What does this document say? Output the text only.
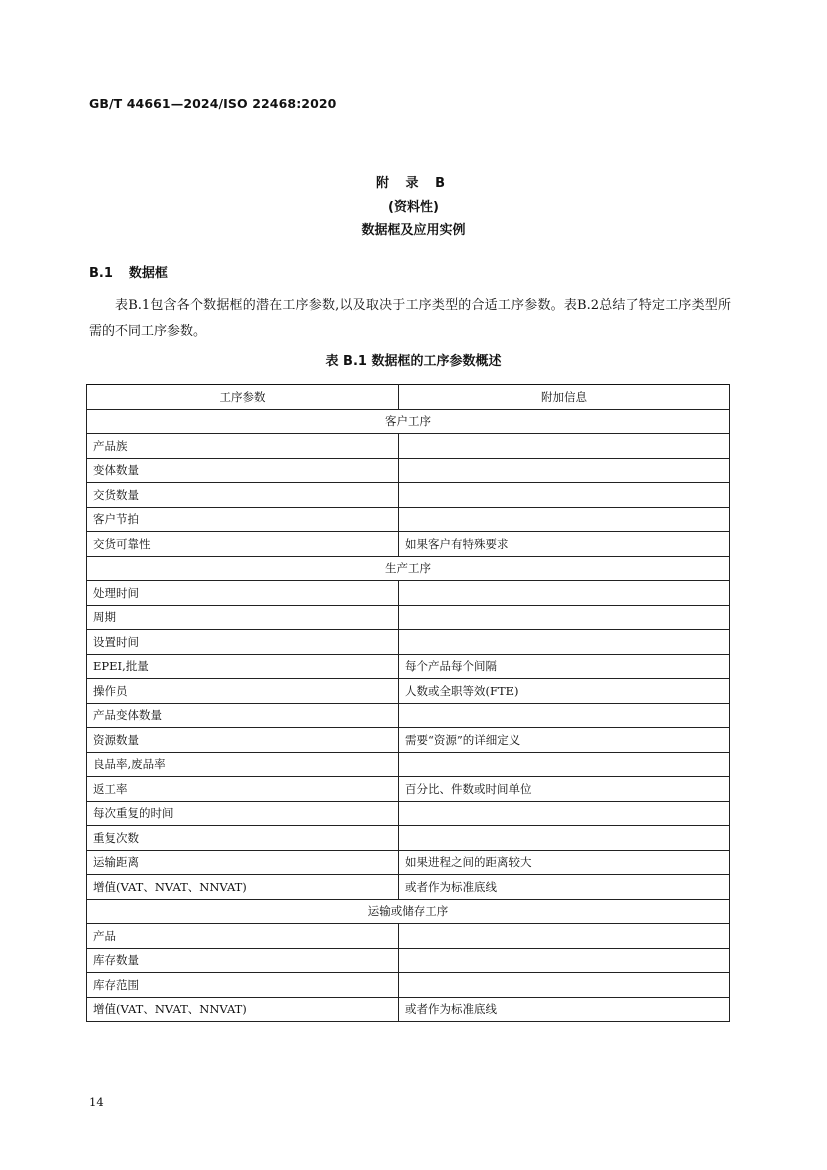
GB/T 44661—2024/ISO 22468:2020
附 录 B
(资料性)
数据框及应用实例
B.1 数据框
表B.1包含各个数据框的潜在工序参数,以及取决于工序类型的合适工序参数。表B.2总结了特定工序类型所需的不同工序参数。
表 B.1 数据框的工序参数概述
工序参数	附加信息
客户工序	
产品族	
变体数量	
交货数量	
客户节拍	
交货可靠性	如果客户有特殊要求
生产工序	
处理时间	
周期	
设置时间	
EPEI,批量	每个产品每个间隔
操作员	人数或全职等效(FTE)
产品变体数量	
资源数量	需要“资源”的详细定义
良品率,废品率	
返工率	百分比、件数或时间单位
每次重复的时间	
重复次数	
运输距离	如果进程之间的距离较大
增值(VAT、NVAT、NNVAT)	或者作为标准底线
运输或储存工序	
产品	
库存数量	
库存范围	
增值(VAT、NVAT、NNVAT)	或者作为标准底线
14
